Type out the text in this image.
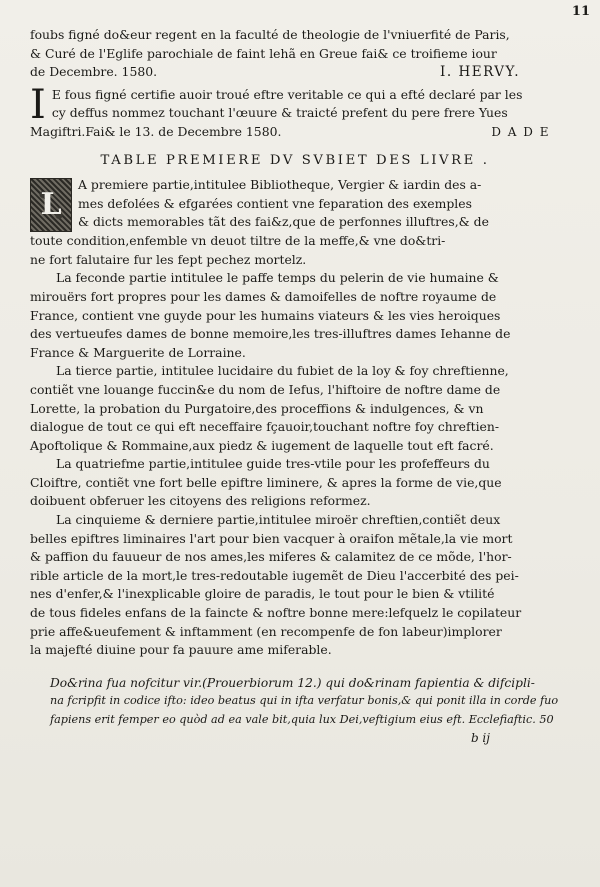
11
foubs figné do&eur regent en la faculté de theologie de l'vniuerfité de Paris,
& Curé de l'Eglife parochiale de faint lehã en Greue fai& ce troifieme iour
de Decembre. 1580.	I. HERVY.
I E fous figné certifie auoir troué eftre veritable ce qui a efté declaré par les
cy deffus nommez touchant l'œuure & traicté prefent du pere frere Yues
Magiftri.Fai& le 13. de Decembre 1580.	D A D E
TABLE PREMIERE DV SVBIET DES LIVRE .
L
A premiere partie,intitulee Bibliotheque, Vergier & iardin des a-
mes defolées & efgarées contient vne feparation des exemples
& dicts memorables tãt des fai&z,que de perfonnes illuftres,& de
toute condition,enfemble vn deuot tiltre de la meffe,& vne do&tri-
ne fort falutaire fur les fept pechez mortelz.
La feconde partie intitulee le paffe temps du pelerin de vie humaine &
mirouërs fort propres pour les dames & damoifelles de noftre royaume de
France, contient vne guyde pour les humains viateurs & les vies heroiques
des vertueufes dames de bonne memoire,les tres-illuftres dames Iehanne de
France & Marguerite de Lorraine.
La tierce partie, intitulee lucidaire du fubiet de la loy & foy chreftienne,
contiẽt vne louange fuccin&e du nom de Iefus, l'hiftoire de noftre dame de
Lorette, la probation du Purgatoire,des proceffions & indulgences, & vn
dialogue de tout ce qui eft neceffaire fçauoir,touchant noftre foy chreftien-
Apoftolique & Rommaine,aux piedz & iugement de laquelle tout eft facré.
La quatriefme partie,intitulee guide tres-vtile pour les profeffeurs du
Cloiftre, contiẽt vne fort belle epiftre liminere, & apres la forme de vie,que
doibuent obferuer les citoyens des religions reformez.
La cinquieme & derniere partie,intitulee miroër chreftien,contiẽt deux
belles epiftres liminaires l'art pour bien vacquer à oraifon mẽtale,la vie mort
& paffion du fauueur de nos ames,les miferes & calamitez de ce mõde, l'hor-
rible article de la mort,le tres-redoutable iugemẽt de Dieu l'accerbité des pei-
nes d'enfer,& l'inexplicable gloire de paradis, le tout pour le bien & vtilité
de tous fideles enfans de la faincte & noftre bonne mere:lefquelz le copilateur
prie affe&ueufement & inftamment (en recompenfe de fon labeur)implorer
la majefté diuine pour fa pauure ame miferable.
Do&rina fua nofcitur vir.(Prouerbiorum 12.) qui do&rinam fapientia & difcipli-
na fcripfit in codice ifto: ideo beatus qui in ifta verfatur bonis,& qui ponit illa in corde fuo
fapiens erit femper eo quòd ad ea vale bit,quia lux Dei,veftigium eius eft. Ecclefiaftic. 50
b ij
